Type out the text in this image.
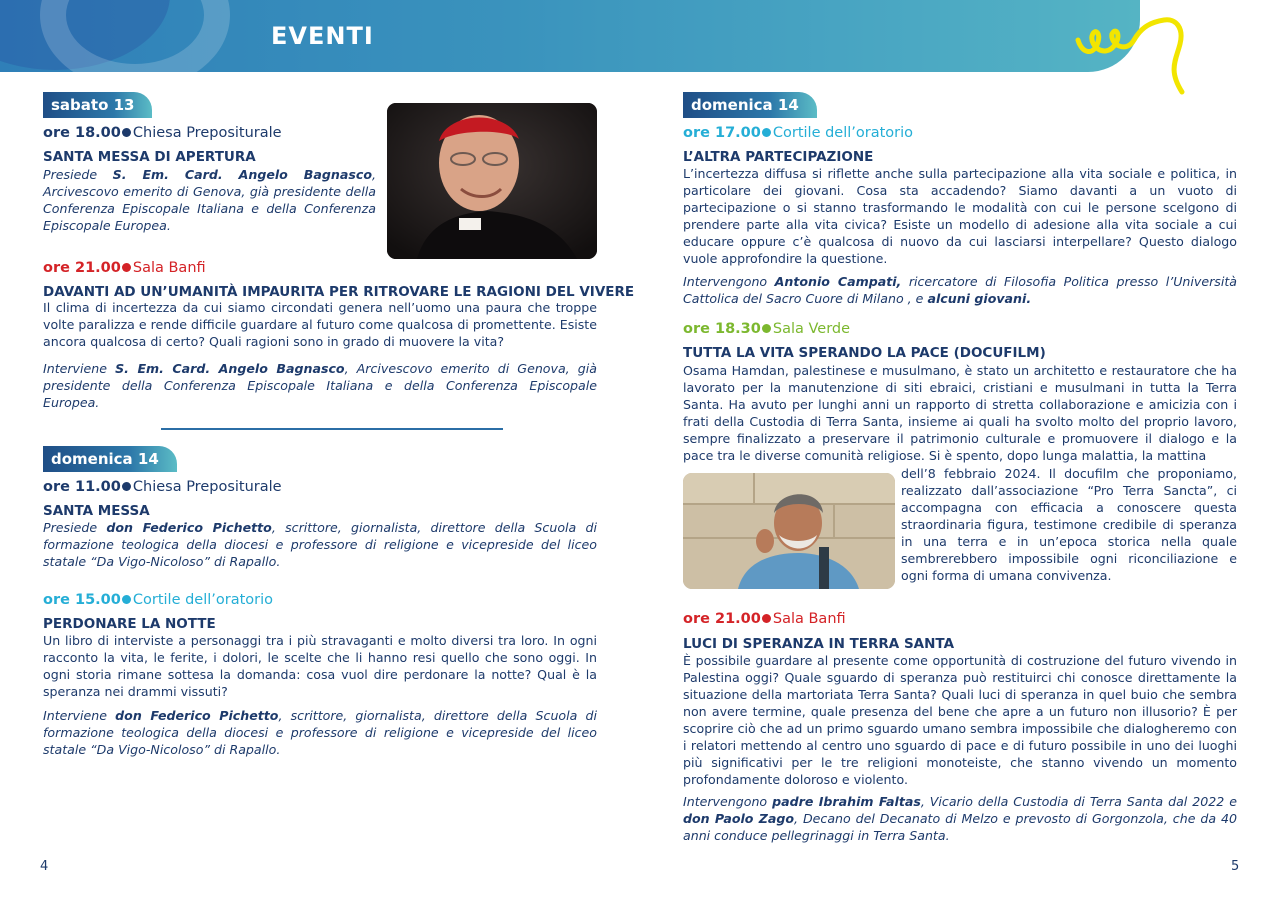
EVENTI
sabato 13
ore 18.00 Chiesa Prepositurale
SANTA MESSA DI APERTURA
Presiede S. Em. Card. Angelo Bagnasco, Arcivescovo emerito di Genova, già presidente della Conferenza Episcopale Italiana e della Conferenza Episcopale Europea.
ore 21.00 Sala Banfi
DAVANTI AD UN’UMANITÀ IMPAURITA PER RITROVARE LE RAGIONI DEL VIVERE
Il clima di incertezza da cui siamo circondati genera nell’uomo una paura che troppe volte paralizza e rende difficile guardare al futuro come qualcosa di promettente. Esiste ancora qualcosa di certo? Quali ragioni sono in grado di muovere la vita?
Interviene S. Em. Card. Angelo Bagnasco, Arcivescovo emerito di Genova, già presidente della Conferenza Episcopale Italiana e della Conferenza Episcopale Europea.
domenica 14
ore 11.00 Chiesa Prepositurale
SANTA MESSA
Presiede don Federico Pichetto, scrittore, giornalista, direttore della Scuola di formazione teologica della diocesi e professore di religione e vicepreside del liceo statale “Da Vigo-Nicoloso” di Rapallo.
ore 15.00 Cortile dell’oratorio
PERDONARE LA NOTTE
Un libro di interviste a personaggi tra i più stravaganti e molto diversi tra loro. In ogni racconto la vita, le ferite, i dolori, le scelte che li hanno resi quello che sono oggi. In ogni storia rimane sottesa la domanda: cosa vuol dire perdonare la notte? Qual è la speranza nei drammi vissuti?
Interviene don Federico Pichetto, scrittore, giornalista, direttore della Scuola di formazione teologica della diocesi e professore di religione e vicepreside del liceo statale “Da Vigo-Nicoloso” di Rapallo.
4
domenica 14
ore 17.00 Cortile dell’oratorio
L’ALTRA PARTECIPAZIONE
L’incertezza diffusa si riflette anche sulla partecipazione alla vita sociale e politica, in particolare dei giovani. Cosa sta accadendo? Siamo davanti a un vuoto di partecipazione o si stanno trasformando le modalità con cui le persone scelgono di prendere parte alla vita civica? Esiste un modello di adesione alla vita sociale a cui educare oppure c’è qualcosa di nuovo da cui lasciarsi interpellare? Questo dialogo vuole approfondire la questione.
Intervengono Antonio Campati, ricercatore di Filosofia Politica presso l’Università Cattolica del Sacro Cuore di Milano , e alcuni giovani.
ore 18.30 Sala Verde
TUTTA LA VITA SPERANDO LA PACE (DOCUFILM)
Osama Hamdan, palestinese e musulmano, è stato un architetto e restauratore che ha lavorato per la manutenzione di siti ebraici, cristiani e musulmani in tutta la Terra Santa. Ha avuto per lunghi anni un rapporto di stretta collaborazione e amicizia con i frati della Custodia di Terra Santa, insieme ai quali ha svolto molto del proprio lavoro, sempre finalizzato a preservare il patrimonio culturale e promuovere il dialogo e la pace tra le diverse comunità religiose. Si è spento, dopo lunga malattia, la mattina
dell’8 febbraio 2024. Il docufilm che proponiamo, realizzato dall’associazione “Pro Terra Sancta”, ci accompagna con efficacia a conoscere questa straordinaria figura, testimone credibile di speranza in una terra e in un’epoca storica nella quale sembrerebbero impossibile ogni riconciliazione e ogni forma di umana convivenza.
ore 21.00 Sala Banfi
LUCI DI SPERANZA IN TERRA SANTA
È possibile guardare al presente come opportunità di costruzione del futuro vivendo in Palestina oggi? Quale sguardo di speranza può restituirci chi conosce direttamente la situazione della martoriata Terra Santa? Quali luci di speranza in quel buio che sembra non avere termine, quale presenza del bene che apre a un futuro non illusorio? È per scoprire ciò che ad un primo sguardo umano sembra impossibile che dialogheremo con i relatori mettendo al centro uno sguardo di pace e di futuro possibile in uno dei luoghi più significativi per le tre religioni monoteiste, che stanno vivendo un momento profondamente doloroso e violento.
Intervengono padre Ibrahim Faltas, Vicario della Custodia di Terra Santa dal 2022 e don Paolo Zago, Decano del Decanato di Melzo e prevosto di Gorgonzola, che da 40 anni conduce pellegrinaggi in Terra Santa.
5
